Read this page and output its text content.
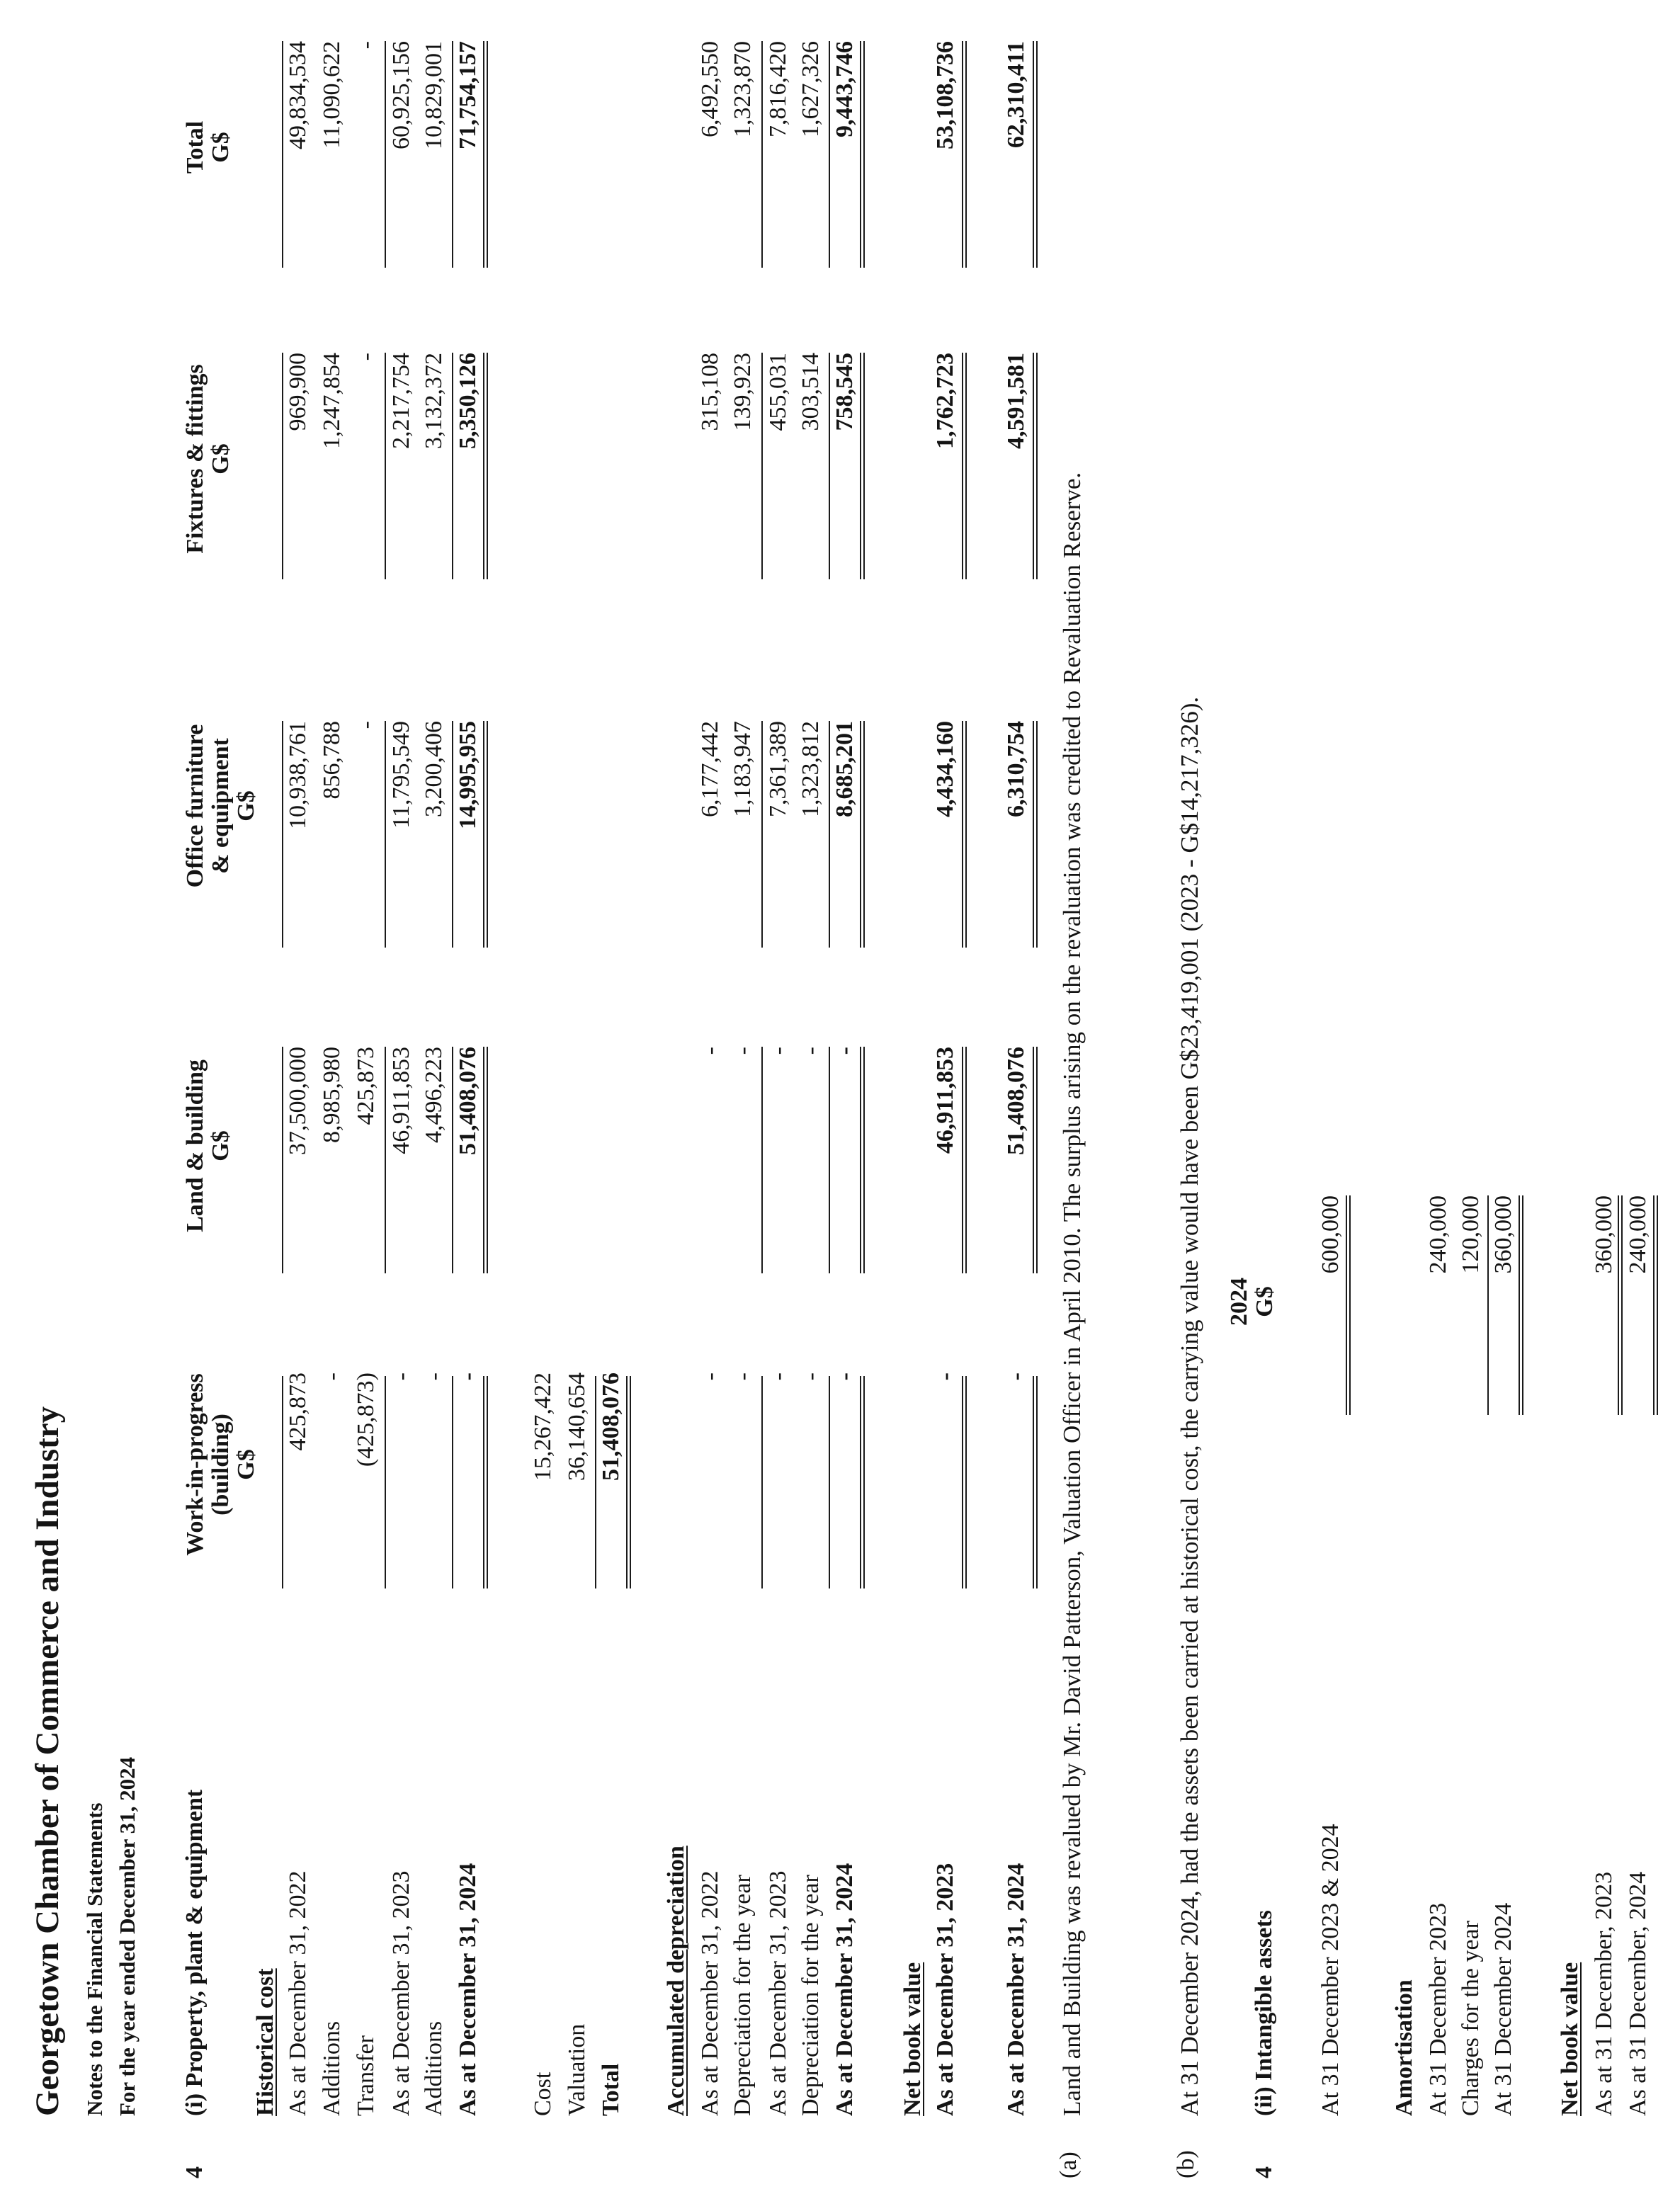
Georgetown Chamber of Commerce and Industry Notes to the Financial Statements For the year ended December 31, 2024
4
(i) Property, plant & equipment
Work-in-progress (building) G$
Land & building G$
Office furniture & equipment G$
Fixtures & fittings G$
Total G$
Historical cost As at December 31, 2022
425,873
37,500,000
10,938,761
969,900
49,834,534
Additions
-
8,985,980
856,788
1,247,854
11,090,622
Transfer
(425,873)
425,873
-
-
-
As at December 31, 2023
-
46,911,853
11,795,549
2,217,754
60,925,156
Additions
-
4,496,223
3,200,406
3,132,372
10,829,001
As at December 31, 2024
-
51,408,076
14,995,955
5,350,126
71,754,157
Cost
15,267,422
Valuation
36,140,654
Total
51,408,076
Accumulated depreciation As at December 31, 2022
-
-
6,177,442
315,108
6,492,550
Depreciation for the year
-
-
1,183,947
139,923
1,323,870
As at December 31, 2023
-
-
7,361,389
455,031
7,816,420
Depreciation for the year
-
-
1,323,812
303,514
1,627,326
As at December 31, 2024
-
-
8,685,201
758,545
9,443,746
Net book value As at December 31, 2023
-
46,911,853
4,434,160
1,762,723
53,108,736
As at December 31, 2024
-
51,408,076
6,310,754
4,591,581
62,310,411
(a)
Land and Building was revalued by Mr. David Patterson, Valuation Officer in April 2010. The surplus arising on the revaluation was credited to Revaluation Reserve.
(b)
At 31 December 2024, had the assets been carried at historical cost, the carrying value would have been G$23,419,001 (2023 - G$14,217,326).
4
(ii) Intangible assets
2024 G$
At 31 December 2023 & 2024
600,000
Amortisation At 31 December 2023
240,000
Charges for the year
120,000
At 31 December 2024
360,000
Net book value As at 31 December, 2023
360,000
As at 31 December, 2024
240,000
